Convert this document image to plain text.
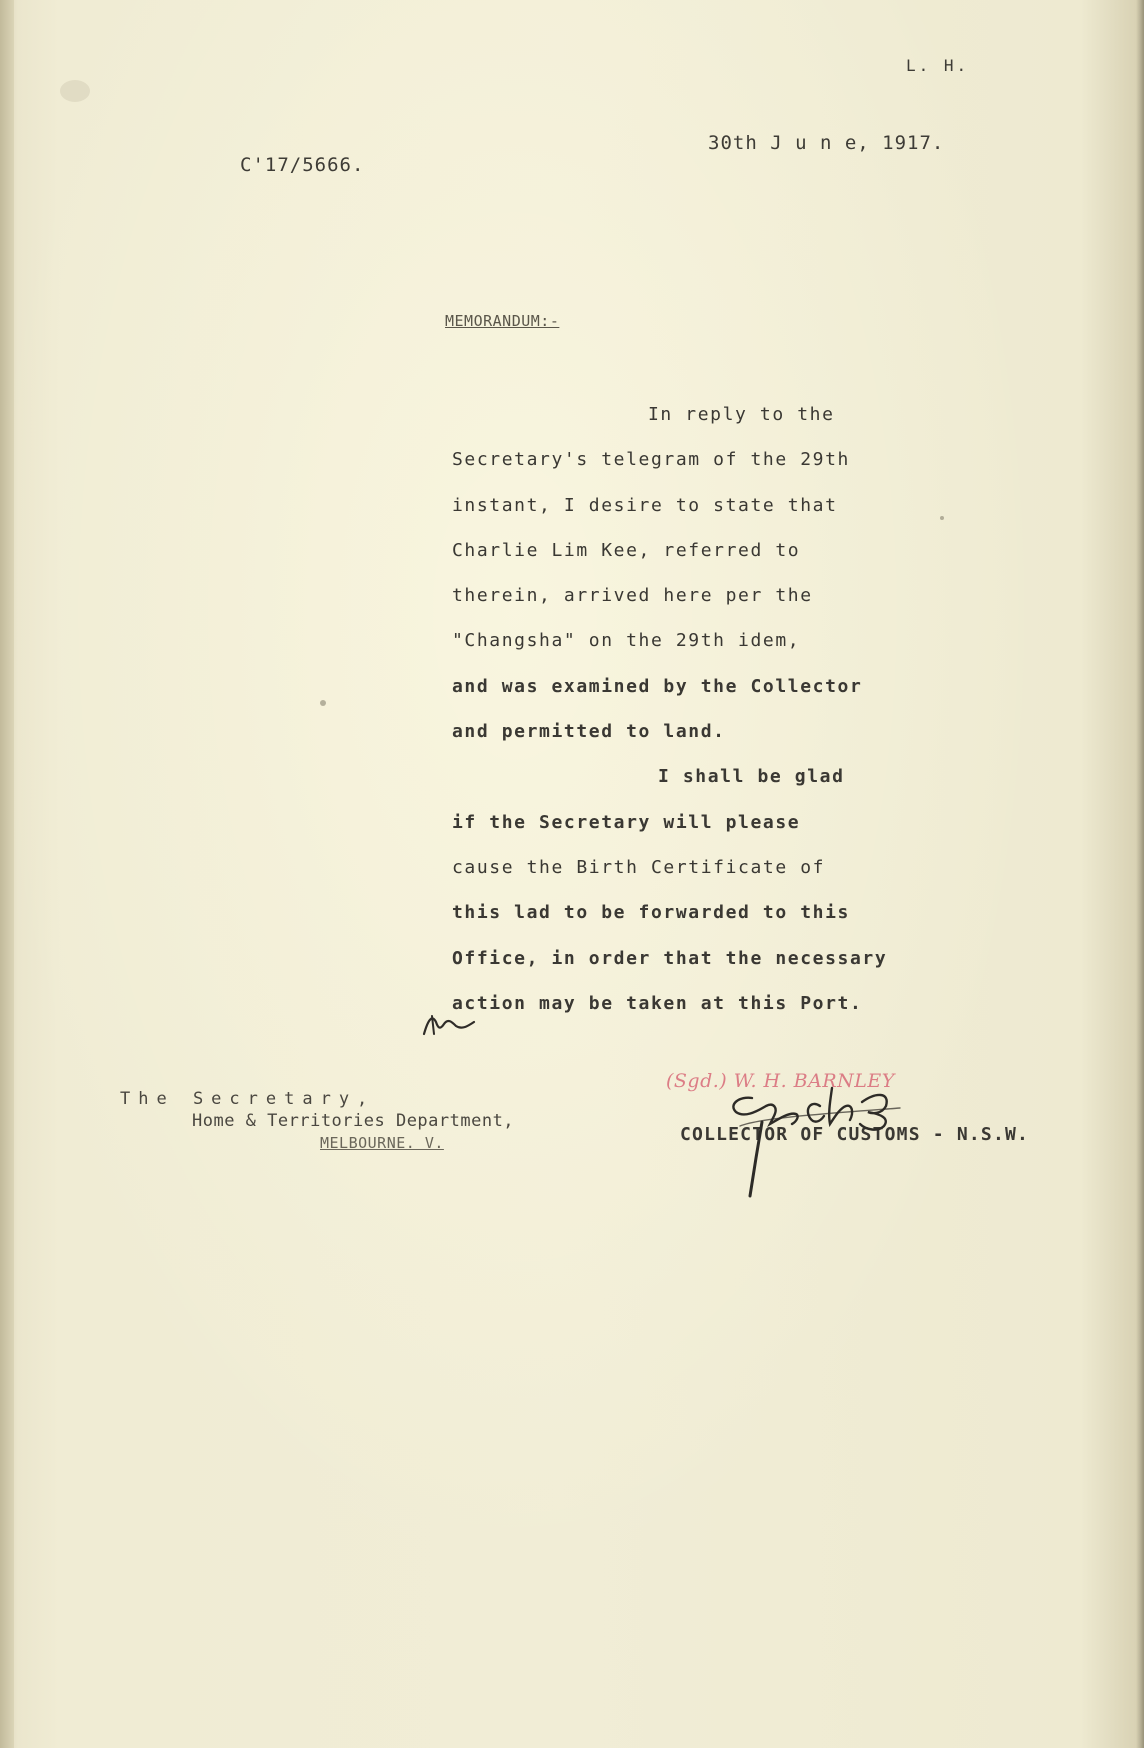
L. H.
C'17/5666.
30th J u n e, 1917.
MEMORANDUM:-
In reply to the
Secretary's telegram of the 29th
instant, I desire to state that
Charlie Lim Kee, referred to
therein, arrived here per the
"Changsha" on the 29th idem,
and was examined by the Collector
and permitted to land.
I shall be glad
if the Secretary will please
cause the Birth Certificate of
this lad to be forwarded to this
Office, in order that the necessary
action may be taken at this Port.
The Secretary,
Home & Territories Department,
MELBOURNE. V.
(Sgd.) W. H. BARNLEY
COLLECTOR OF CUSTOMS - N.S.W.
